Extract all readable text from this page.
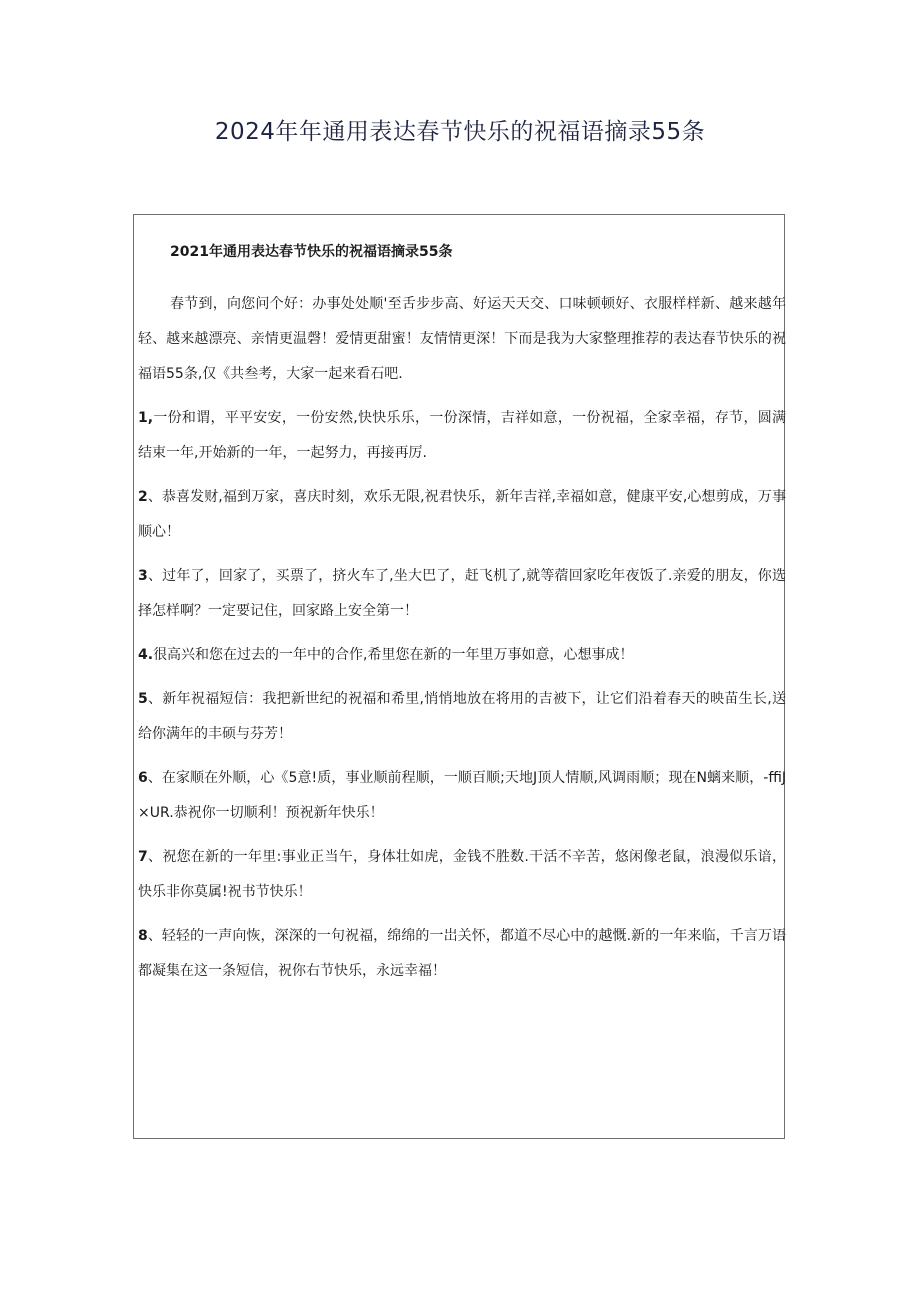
2024年年通用表达春节快乐的祝福语摘录55条
2021年通用表达春节快乐的祝福语摘录55条

春节到，向您问个好：办事处处顺'至舌步步高、好运天天交、口味顿顿好、衣服样样新、越来越年轻、越来越漂亮、亲情更温磬！爱情更甜蜜！友情情更深！下而是我为大家整理推荐的表达春节快乐的祝福语55条,仅《共叁考，大家一起来看石吧.

1,一份和谓，平平安安，一份安然,快快乐乐，一份深情，吉祥如意，一份祝福，全家幸福，存节，圆满结束一年,开始新的一年，一起努力，再接再厉.

2、恭喜发财,福到万家，喜庆时刻，欢乐无限,祝君快乐，新年吉祥,幸福如意，健康平安,心想剪成，万事顺心！

3、过年了，回家了，买票了，挤火车了,坐大巴了，赶飞机了,就等蓿回家吃年夜饭了.亲爱的朋友，你选择怎样啊？一定要记住，回家路上安全第一！

4.很高兴和您在过去的一年中的合作,希里您在新的一年里万事如意，心想事成！

5、新年祝福短信：我把新世纪的祝福和希里,悄悄地放在将用的吉被下，让它们沿着春天的映苗生长,送给你满年的丰硕与芬芳！

6、在家顺在外顺，心《5意!质，事业顺前程顺，一顺百顺;天地J顶人情顺,风调雨顺；现在N螭来顺，-ffiJ×UR.恭祝你一切顺利！预祝新年快乐！

7、祝您在新的一年里:事业正当午，身体壮如虎，金钱不胜数.干活不辛苦，悠闲像老鼠，浪漫似乐谙，快乐非你莫属!祝书节快乐！

8、轻轻的一声向恢，深深的一句祝福，绵绵的一岀关怀，都道不尽心中的越慨.新的一年来临，千言万语都凝集在这一条短信，祝你右节快乐，永远幸福！
